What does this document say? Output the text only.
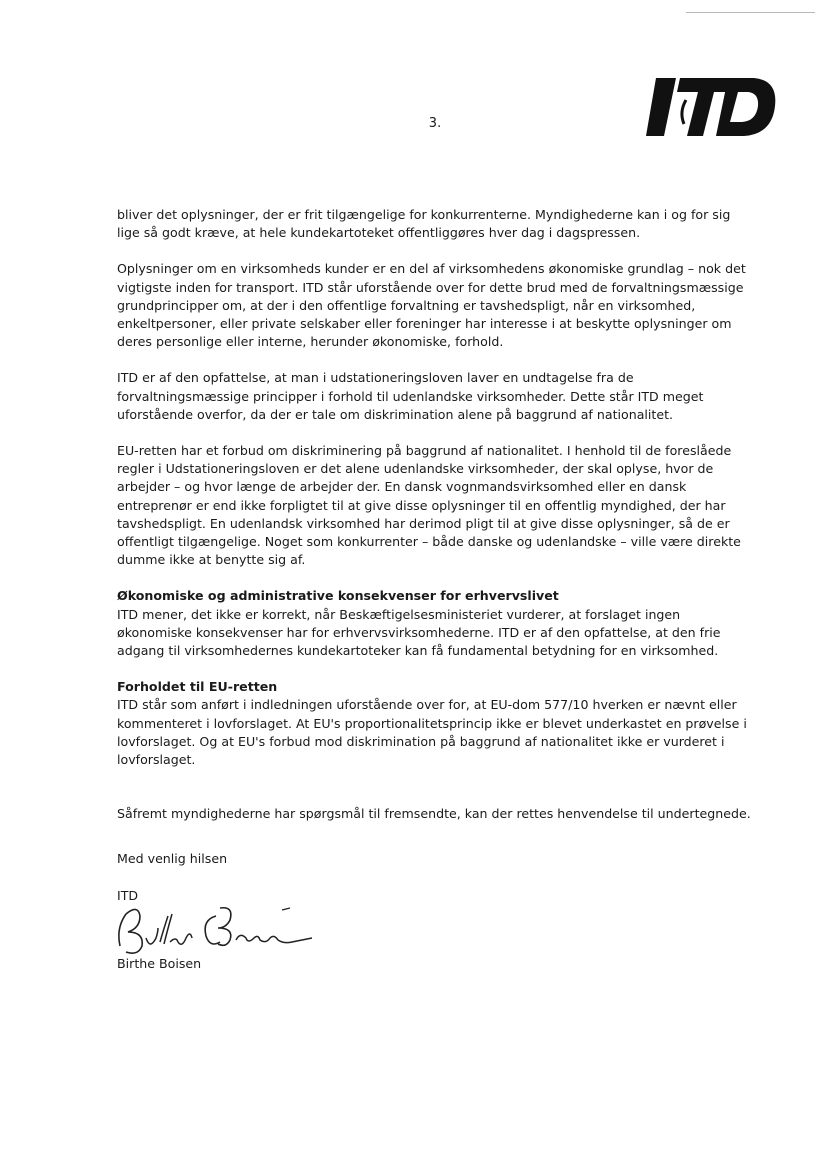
3.

bliver det oplysninger, der er frit tilgængelige for konkurrenterne. Myndighederne kan i og for sig lige så godt kræve, at hele kundekartoteket offentliggøres hver dag i dagspressen.

Oplysninger om en virksomheds kunder er en del af virksomhedens økonomiske grundlag – nok det vigtigste inden for transport. ITD står uforstående over for dette brud med de forvaltningsmæssige grundprincipper om, at der i den offentlige forvaltning er tavshedspligt, når en virksomhed, enkeltpersoner, eller private selskaber eller foreninger har interesse i at beskytte oplysninger om deres personlige eller interne, herunder økonomiske, forhold.

ITD er af den opfattelse, at man i udstationeringsloven laver en undtagelse fra de forvaltningsmæssige principper i forhold til udenlandske virksomheder. Dette står ITD meget uforstående overfor, da der er tale om diskrimination alene på baggrund af nationalitet.

EU-retten har et forbud om diskriminering på baggrund af nationalitet. I henhold til de foreslåede regler i Udstationeringsloven er det alene udenlandske virksomheder, der skal oplyse, hvor de arbejder – og hvor længe de arbejder der. En dansk vognmandsvirksomhed eller en dansk entreprenør er end ikke forpligtet til at give disse oplysninger til en offentlig myndighed, der har tavshedspligt. En udenlandsk virksomhed har derimod pligt til at give disse oplysninger, så de er offentligt tilgængelige. Noget som konkurrenter – både danske og udenlandske – ville være direkte dumme ikke at benytte sig af.

Økonomiske og administrative konsekvenser for erhvervslivet

ITD mener, det ikke er korrekt, når Beskæftigelsesministeriet vurderer, at forslaget ingen økonomiske konsekvenser har for erhvervsvirksomhederne. ITD er af den opfattelse, at den frie adgang til virksomhedernes kundekartoteker kan få fundamental betydning for en virksomhed.

Forholdet til EU-retten

ITD står som anført i indledningen uforstående over for, at EU-dom 577/10 hverken er nævnt eller kommenteret i lovforslaget. At EU's proportionalitetsprincip ikke er blevet underkastet en prøvelse i lovforslaget. Og at EU's forbud mod diskrimination på baggrund af nationalitet ikke er vurderet i lovforslaget.

Såfremt myndighederne har spørgsmål til fremsendte, kan der rettes henvendelse til undertegnede.

Med venlig hilsen

ITD

Birthe Boisen
